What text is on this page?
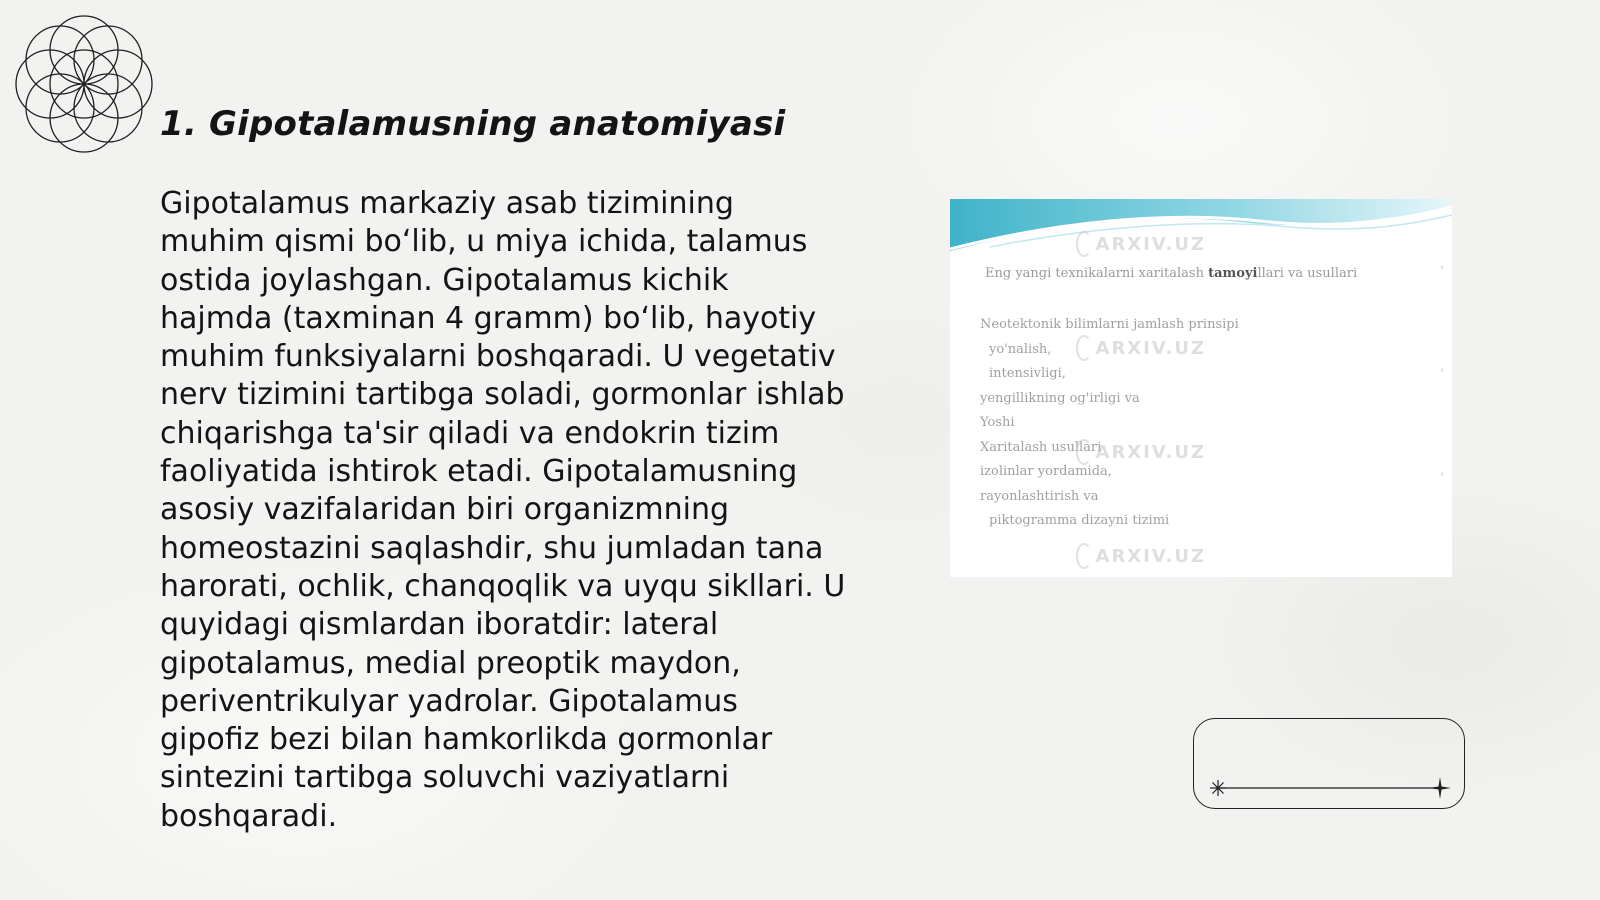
1. Gipotalamusning anatomiyasi

Gipotalamus markaziy asab tizimining muhim qismi bo‘lib, u miya ichida, talamus ostida joylashgan. Gipotalamus kichik hajmda (taxminan 4 gramm) bo‘lib, hayotiy muhim funksiyalarni boshqaradi. U vegetativ nerv tizimini tartibga soladi, gormonlar ishlab chiqarishga ta'sir qiladi va endokrin tizim faoliyatida ishtirok etadi. Gipotalamusning asosiy vazifalaridan biri organizmning homeostazini saqlashdir, shu jumladan tana harorati, ochlik, chanqoqlik va uyqu sikllari. U quyidagi qismlardan iboratdir: lateral gipotalamus, medial preoptik maydon, periventrikulyar yadrolar. Gipotalamus gipofiz bezi bilan hamkorlikda gormonlar sintezini tartibga soluvchi vaziyatlarni boshqaradi.

Eng yangi texnikalarni xaritalash tamoyillari va usullari
Neotektonik bilimlarni jamlash prinsipi
yo'nalish,
intensivligi,
yengillikning og'irligi va
Yoshi
Xaritalash usullari
izolinlar yordamida,
rayonlashtirish va
piktogramma dizayni tizimi
ARXIV.UZ
ARXIV.UZ
ARXIV.UZ
ARXIV.UZ
‹
‹
‹
